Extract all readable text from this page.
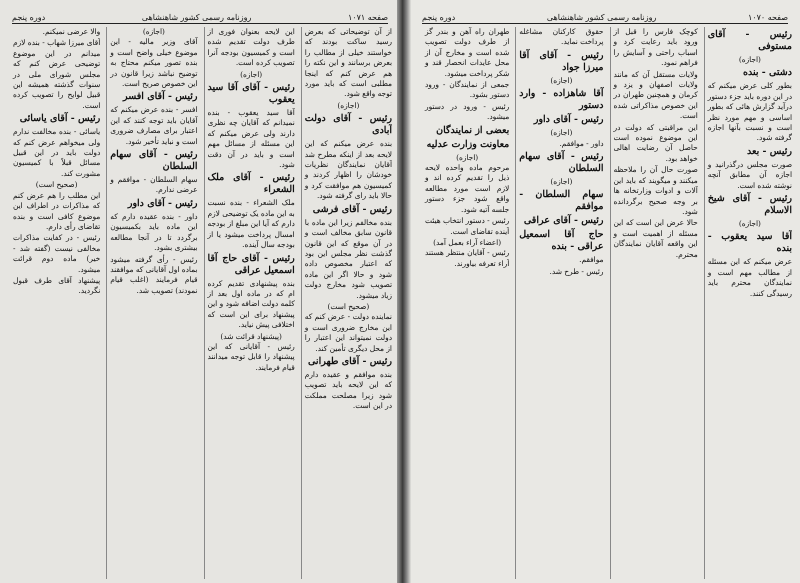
صفحه ۱۰۷۱
روزنامه رسمی کشور شاهنشاهی
دوره پنجم

از آن توضیحاتی که بعرض رسید ساکت بودند که خواستند خیلی از مطالب را بعرض برسانند و این نکته را هم عرض کنم که اینجا مطلبی است که باید مورد توجه واقع شود.

(اجازه)

رئیس - آقای دولت آبادی

بنده عرض میکنم که این لایحه بعد از اینکه مطرح شد آقایان نمایندگان نظریات خودشان را اظهار کردند و کمیسیون هم موافقت کرد و حالا باید رای گرفته شود.

رئیس - آقای فرشی

بنده مخالفم زیرا این ماده با قانون سابق مخالف است و در آن موقع که این قانون گذشت نظر مجلس این بود که اعتبار مخصوص داده شود و حالا اگر این ماده تصویب شود مخارج دولت زیاد میشود.

(صحیح است)

نماینده دولت - عرض کنم که این مخارج ضروری است و دولت نمیتواند این اعتبار را از محل دیگری تأمین کند.

رئیس - آقای طهرانی

بنده موافقم و عقیده دارم که این لایحه باید تصویب شود زیرا مصلحت مملکت در این است.

این لایحه بعنوان فوری از طرف دولت تقدیم شده است و کمیسیون بودجه آنرا تصویب کرده است.

(اجازه)

رئیس - آقای آقا سید یعقوب

آقا سید یعقوب - بنده نمیدانم که آقایان چه نظری دارند ولی عرض میکنم که این مسئله از مسائل مهم است و باید در آن دقت شود.

رئیس - آقای ملک الشعراء

ملک الشعراء - بنده نسبت به این ماده یک توضیحی لازم دارم که آیا این مبلغ از بودجه امسال پرداخت میشود یا از بودجه سال آینده.

رئیس - آقای حاج آقا اسمعیل عراقی

بنده پیشنهادی تقدیم کرده ام که در ماده اول بعد از کلمه دولت اضافه شود و این پیشنهاد برای این است که اختلافی پیش نیاید.

(پیشنهاد قرائت شد)

رئیس - آقایانی که این پیشنهاد را قابل توجه میدانند قیام فرمایند.

(اجازه)

آقای وزیر مالیه - این موضوع خیلی واضح است و بنده تصور میکنم محتاج به توضیح نباشد زیرا قانون در این خصوص صریح است.

رئیس - آقای افسر

افسر - بنده عرض میکنم که آقایان باید توجه کنند که این اعتبار برای مصارف ضروری است و نباید تأخیر شود.

رئیس - آقای سهام السلطان

سهام السلطان - موافقم و عرضی ندارم.

رئیس - آقای داور

داور - بنده عقیده دارم که این ماده باید بکمیسیون برگردد تا در آنجا مطالعه بیشتری بشود.

رئیس - رأی گرفته میشود بماده اول آقایانی که موافقند قیام فرمایند (اغلب قیام نمودند) تصویب شد.

والا عرضی نمیکنم.

آقای میرزا شهاب - بنده لازم میدانم در این موضوع توضیحی عرض کنم که مجلس شورای ملی در سنوات گذشته همیشه این قبیل لوایح را تصویب کرده است.

رئیس - آقای یاسائی

یاسائی - بنده مخالفت ندارم ولی میخواهم عرض کنم که دولت باید در این قبیل مسائل قبلاً با کمیسیون مشورت کند.

(صحیح است)

این مطلب را هم عرض کنم که مذاکرات در اطراف این موضوع کافی است و بنده تقاضای رأی دارم.

رئیس - در کفایت مذاکرات مخالفی نیست (گفته شد - خیر) ماده دوم قرائت میشود.

پیشنهاد آقای طرف قبول نگردید.

صفحه ۱۰۷۰
روزنامه رسمی کشور شاهنشاهی
دوره پنجم

رئیس - آقای مستوفی

(اجازه)

دشتی - بنده

بطور کلی عرض میکنم که در این دوره باید جزء دستور درآید گزارش هائی که بطور اساسی و مهم مورد نظر است و نسبت بآنها اجازه گرفته شود.

رئیس - بعد

صورت مجلس درگذرانید و اجازه آن مطابق آنچه نوشته شده است.

رئیس - آقای شیخ الاسلام

(اجازه)

آقا سید یعقوب - بنده

عرض میکنم که این مسئله از مطالب مهم است و نمایندگان محترم باید رسیدگی کنند.

کوچک فارس را قبل از ورود باید رعایت کرد و اسباب راحتی و آسایش را فراهم نمود.

ولایات مستقل آن که مانند ولایات اصفهان و یزد و کرمان و همچنین طهران در این خصوص مذاکراتی شده است.

این مراقبتی که دولت در این موضوع نموده است حاصل آن رضایت اهالی خواهد بود.

صورت حال آن را ملاحظه میکنند و میگویند که باید این آلات و ادوات وزارتخانه ها بر وجه صحیح برگردانده شود.

حالا عرض این است که این مسئله از اهمیت است و این واقعه آقایان نمایندگان محترم.

حقوق کارکنان مشاغله پرداخت نماید.

رئیس - آقای آقا میرزا جواد

(اجازه)

آقا شاهزاده - وارد دستور

رئیس - آقای داور

(اجازه)

داور - موافقم.

رئیس - آقای سهام السلطان

(اجازه)

سهام السلطان - موافقم

رئیس - آقای عراقی

حاج آقا اسمعیل عراقی - بنده

موافقم.

رئیس - طرح شد.

طهران راه آهن و بندر گز از طرف دولت تصویب شده است و مخارج آن از محل عایدات انحصار قند و شکر پرداخت میشود.

جمعی از نمایندگان - ورود دستور بشود.

رئیس - ورود در دستور میشود.

بعضی از نمایندگان

معاونت وزارت عدلیه

(اجازه)

مرحوم ماده واحده لایحه ذیل را تقدیم کرده اند و لازم است مورد مطالعه واقع شود جزء دستور جلسه آتیه شود.

رئیس - دستور انتخاب هیئت آینده تقاضای است.

(اعضاء آراء بعمل آمد)

رئیس - آقایان منتظر هستند آراء تعرفه بیاورند.
